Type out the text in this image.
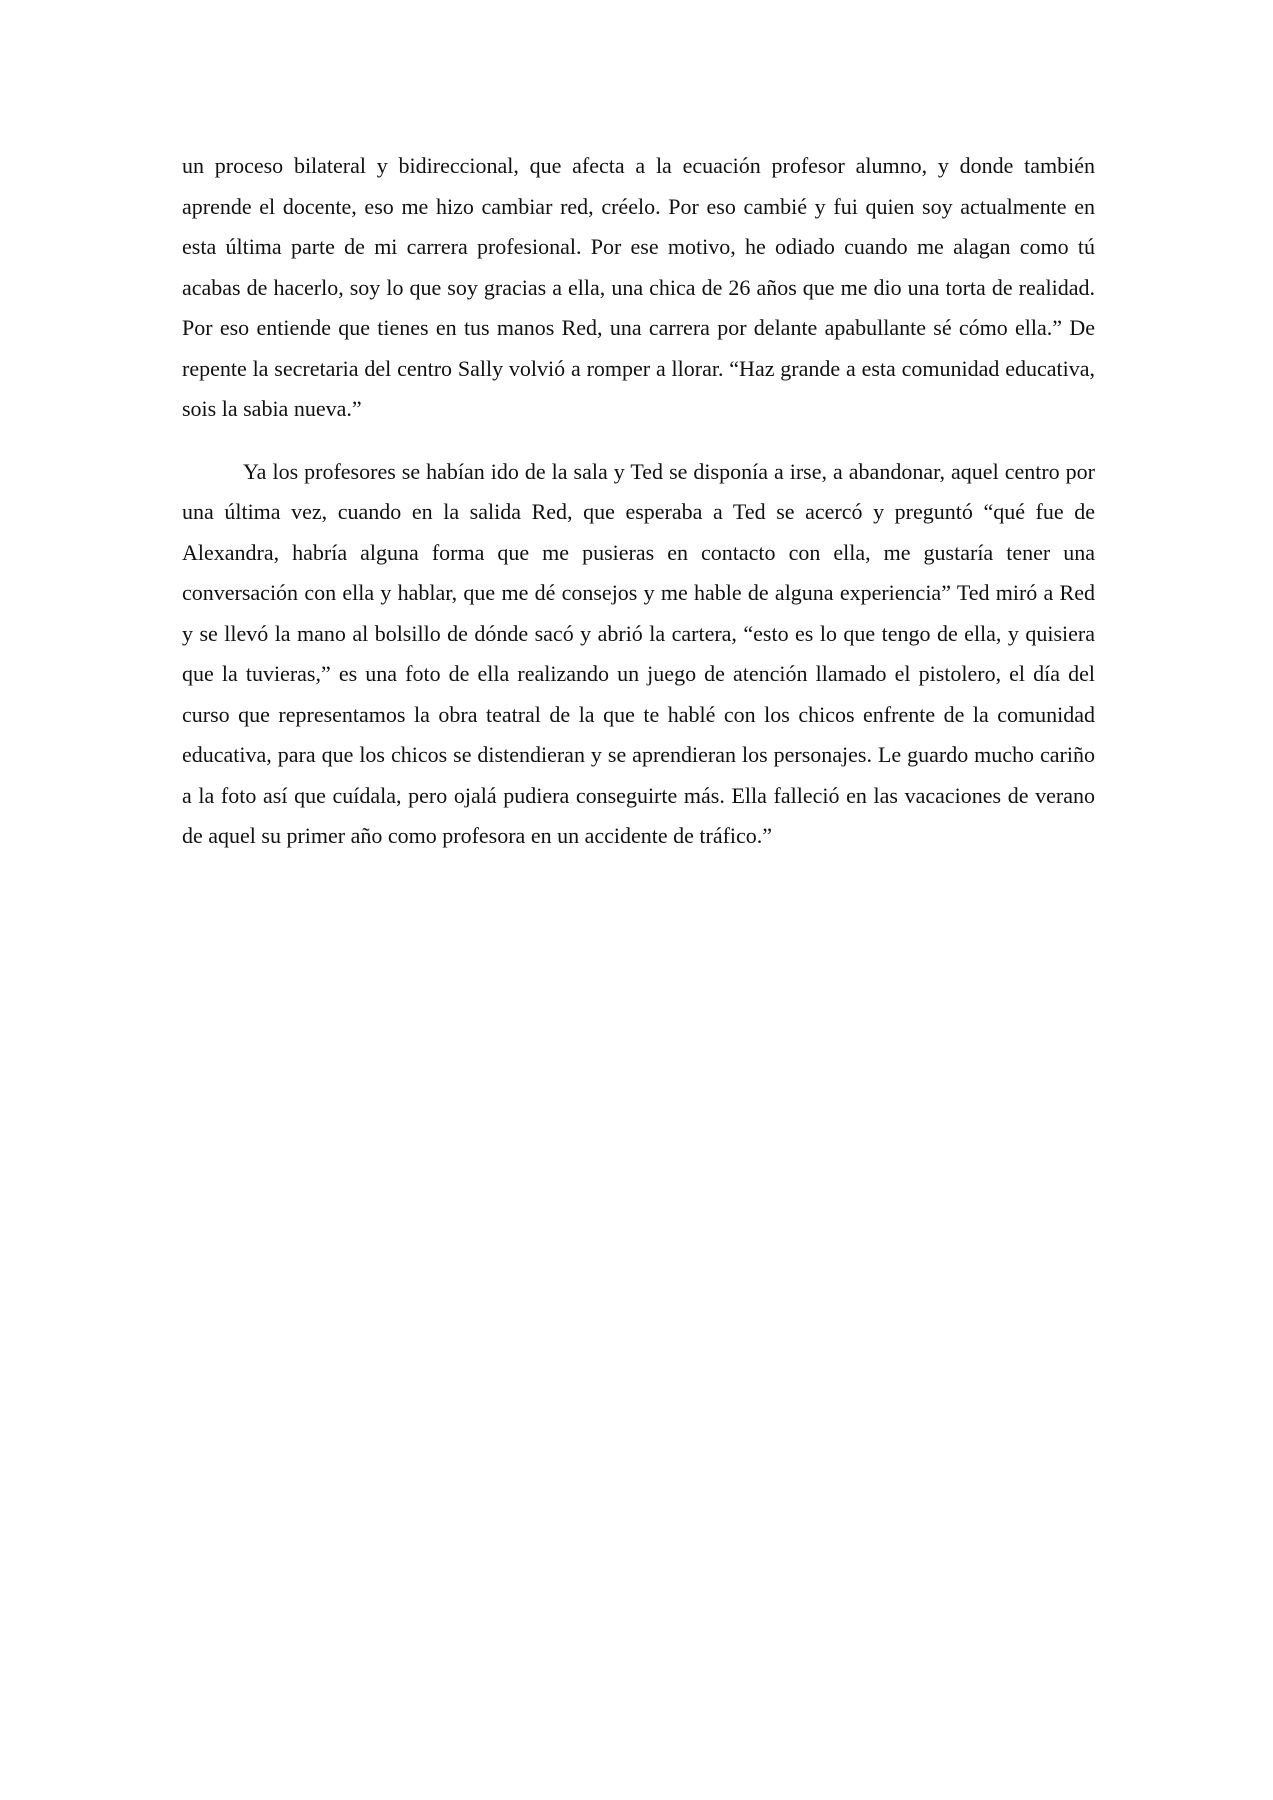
un proceso bilateral y bidireccional, que afecta a la ecuación profesor alumno, y donde también aprende el docente, eso me hizo cambiar red, créelo. Por eso cambié y fui quien soy actualmente en esta última parte de mi carrera profesional. Por ese motivo, he odiado cuando me alagan como tú acabas de hacerlo, soy lo que soy gracias a ella, una chica de 26 años que me dio una torta de realidad. Por eso entiende que tienes en tus manos Red, una carrera por delante apabullante sé cómo ella.” De repente la secretaria del centro Sally volvió a romper a llorar. “Haz grande a esta comunidad educativa, sois la sabia nueva.”

Ya los profesores se habían ido de la sala y Ted se disponía a irse, a abandonar, aquel centro por una última vez, cuando en la salida Red, que esperaba a Ted se acercó y preguntó “qué fue de Alexandra, habría alguna forma que me pusieras en contacto con ella, me gustaría tener una conversación con ella y hablar, que me dé consejos y me hable de alguna experiencia” Ted miró a Red y se llevó la mano al bolsillo de dónde sacó y abrió la cartera, “esto es lo que tengo de ella, y quisiera que la tuvieras,” es una foto de ella realizando un juego de atención llamado el pistolero, el día del curso que representamos la obra teatral de la que te hablé con los chicos enfrente de la comunidad educativa, para que los chicos se distendieran y se aprendieran los personajes. Le guardo mucho cariño a la foto así que cuídala, pero ojalá pudiera conseguirte más. Ella falleció en las vacaciones de verano de aquel su primer año como profesora en un accidente de tráfico.”
